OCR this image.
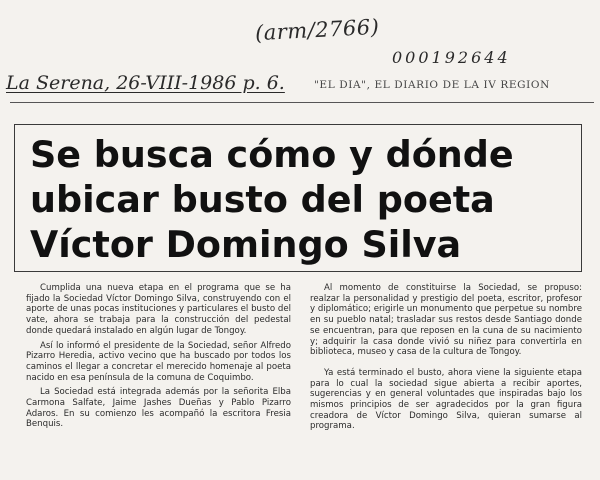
(arm/2766)
000192644
La Serena, 26-VIII-1986 p. 6.	"EL DIA", EL DIARIO DE LA IV REGION
Se busca cómo y dónde
ubicar busto del poeta
Víctor Domingo Silva

Cumplida una nueva etapa en el programa que se ha fijado la Sociedad Víctor Domingo Silva, construyendo con el aporte de unas pocas instituciones y particulares el busto del vate, ahora se trabaja para la construcción del pedestal donde quedará instalado en algún lugar de Tongoy.

Así lo informó el presidente de la Sociedad, señor Alfredo Pizarro Heredia, activo vecino que ha buscado por todos los caminos el llegar a concretar el merecido homenaje al poeta nacido en esa península de la comuna de Coquimbo.

La Sociedad está integrada además por la señorita Elba Carmona Salfate, Jaime Jashes Dueñas y Pablo Pizarro Adaros. En su comienzo les acompañó la escritora Fresia Benquis.

Al momento de constituirse la Sociedad, se propuso: realzar la personalidad y prestigio del poeta, escritor, profesor y diplomático; erigirle un monumento que perpetue su nombre en su pueblo natal; trasladar sus restos desde Santiago donde se encuentran, para que reposen en la cuna de su nacimiento y; adquirir la casa donde vivió su niñez para convertirla en biblioteca, museo y casa de la cultura de Tongoy.

Ya está terminado el busto, ahora viene la siguiente etapa para lo cual la sociedad sigue abierta a recibir aportes, sugerencias y en general voluntades que inspiradas bajo los mismos principios de ser agradecidos por la gran figura creadora de Víctor Domingo Silva, quieran sumarse al programa.
